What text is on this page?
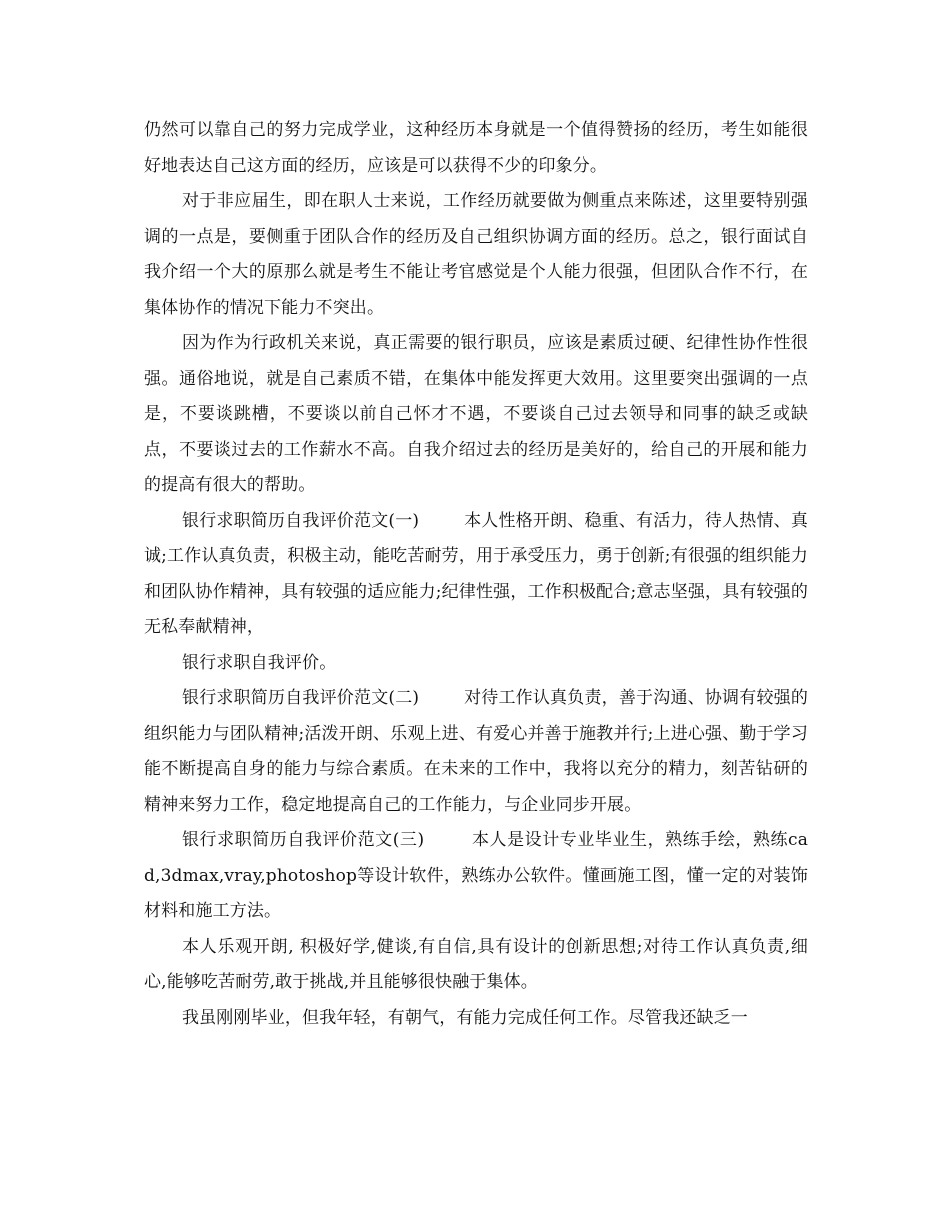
仍然可以靠自己的努力完成学业，这种经历本身就是一个值得赞扬的经历，考生如能很好地表达自己这方面的经历，应该是可以获得不少的印象分。

对于非应届生，即在职人士来说，工作经历就要做为侧重点来陈述，这里要特别强调的一点是，要侧重于团队合作的经历及自己组织协调方面的经历。总之，银行面试自我介绍一个大的原那么就是考生不能让考官感觉是个人能力很强，但团队合作不行，在集体协作的情况下能力不突出。

因为作为行政机关来说，真正需要的银行职员，应该是素质过硬、纪律性协作性很强。通俗地说，就是自己素质不错，在集体中能发挥更大效用。这里要突出强调的一点是，不要谈跳槽，不要谈以前自己怀才不遇，不要谈自己过去领导和同事的缺乏或缺点，不要谈过去的工作薪水不高。自我介绍过去的经历是美好的，给自己的开展和能力的提高有很大的帮助。

银行求职简历自我评价范文(一)	本人性格开朗、稳重、有活力，待人热情、真诚;工作认真负责，积极主动，能吃苦耐劳，用于承受压力，勇于创新;有很强的组织能力和团队协作精神，具有较强的适应能力;纪律性强，工作积极配合;意志坚强，具有较强的无私奉献精神，

银行求职自我评价。

银行求职简历自我评价范文(二)	对待工作认真负责，善于沟通、协调有较强的组织能力与团队精神;活泼开朗、乐观上进、有爱心并善于施教并行;上进心强、勤于学习能不断提高自身的能力与综合素质。在未来的工作中，我将以充分的精力，刻苦钻研的精神来努力工作，稳定地提高自己的工作能力，与企业同步开展。

银行求职简历自我评价范文(三)	本人是设计专业毕业生，熟练手绘，熟练cad,3dmax,vray,photoshop等设计软件，熟练办公软件。懂画施工图，懂一定的对装饰材料和施工方法。

本人乐观开朗, 积极好学,健谈,有自信,具有设计的创新思想;对待工作认真负责,细心,能够吃苦耐劳,敢于挑战,并且能够很快融于集体。

我虽刚刚毕业，但我年轻，有朝气，有能力完成任何工作。尽管我还缺乏一
